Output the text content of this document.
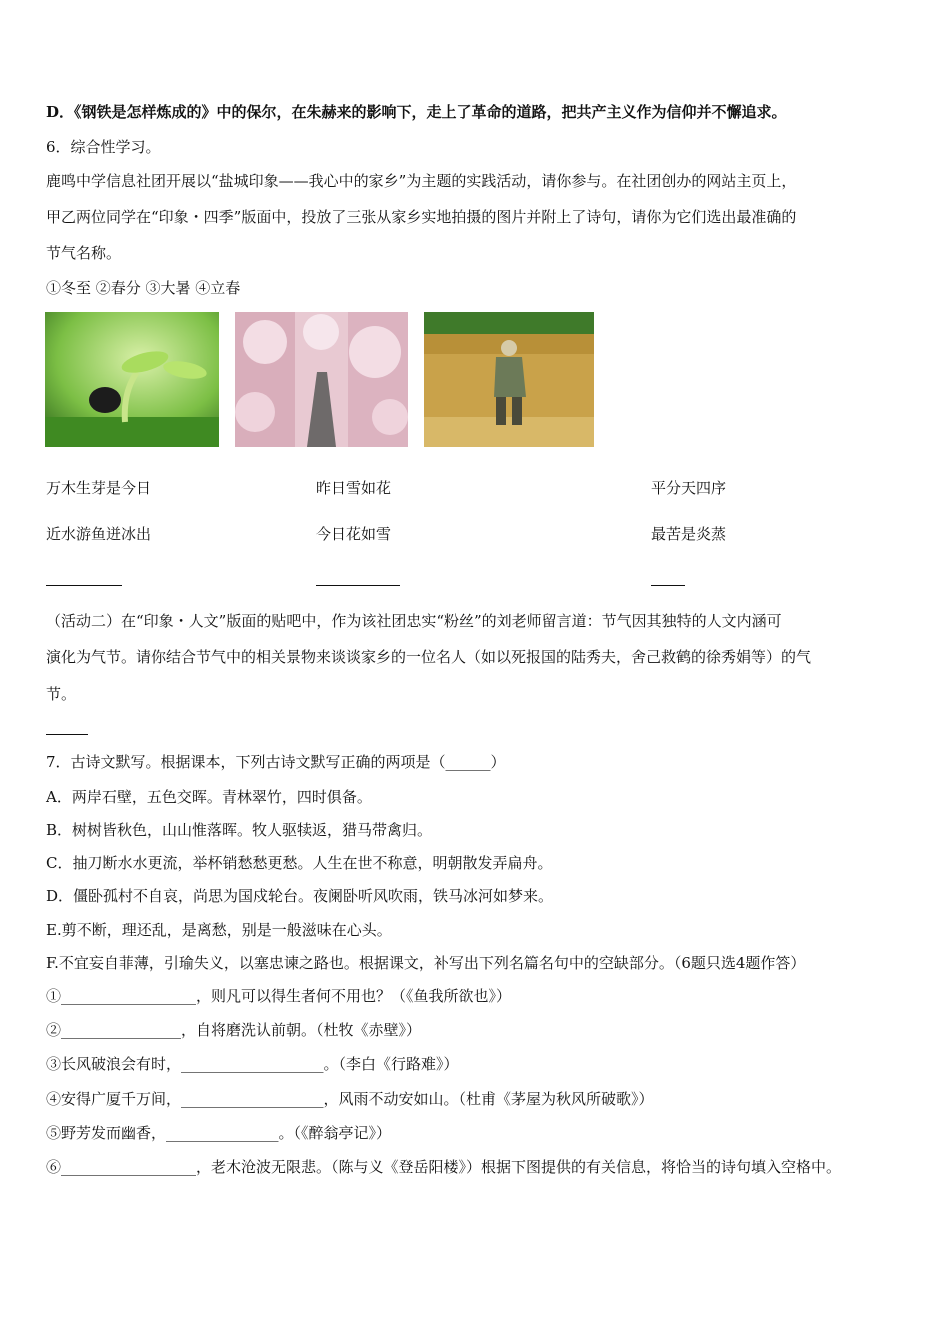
D．《钢铁是怎样炼成的》中的保尔，在朱赫来的影响下，走上了革命的道路，把共产主义作为信仰并不懈追求。
6．综合性学习。
鹿鸣中学信息社团开展以“盐城印象——我心中的家乡”为主题的实践活动，请你参与。在社团创办的网站主页上，
甲乙两位同学在“印象・四季”版面中，投放了三张从家乡实地拍摄的图片并附上了诗句，请你为它们选出最准确的
节气名称。
①冬至 ②春分 ③大暑 ④立春
万木生芽是今日
近水游鱼迸冰出
昨日雪如花
今日花如雪
平分天四序
最苦是炎蒸
（活动二）在“印象・人文”版面的贴吧中，作为该社团忠实“粉丝”的刘老师留言道：节气因其独特的人文内涵可
演化为气节。请你结合节气中的相关景物来谈谈家乡的一位名人（如以死报国的陆秀夫，舍己救鹤的徐秀娟等）的气
节。
7．古诗文默写。根据课本，下列古诗文默写正确的两项是（______）
A．两岸石壁，五色交晖。青林翠竹，四时俱备。
B．树树皆秋色，山山惟落晖。牧人驱犊返，猎马带禽归。
C．抽刀断水水更流，举杯销愁愁更愁。人生在世不称意，明朝散发弄扁舟。
D．僵卧孤村不自哀，尚思为国戍轮台。夜阑卧听风吹雨，铁马冰河如梦来。
E.剪不断，理还乱，是离愁，别是一般滋味在心头。
F.不宜妄自菲薄，引瑜失义，以塞忠谏之路也。根据课文，补写出下列名篇名句中的空缺部分。（6题只选4题作答）
①__________________，则凡可以得生者何不用也？（《鱼我所欲也》）
②________________，自将磨洗认前朝。（杜牧《赤壁》）
③长风破浪会有时，___________________。（李白《行路难》）
④安得广厦千万间，___________________，风雨不动安如山。（杜甫《茅屋为秋风所破歌》）
⑤野芳发而幽香，_______________。（《醉翁亭记》）
⑥__________________，老木沧波无限悲。（陈与义《登岳阳楼》）根据下图提供的有关信息，将恰当的诗句填入空格中。
